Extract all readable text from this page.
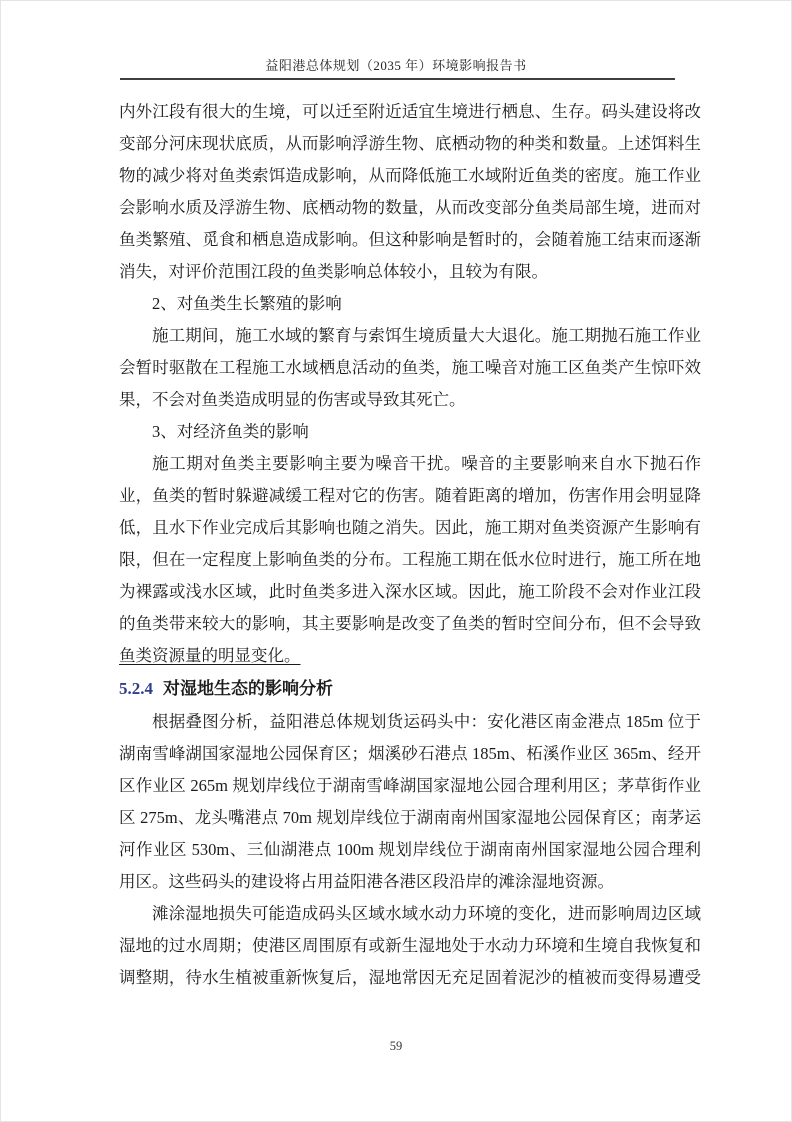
益阳港总体规划（2035 年）环境影响报告书
内外江段有很大的生境，可以迁至附近适宜生境进行栖息、生存。码头建设将改
变部分河床现状底质，从而影响浮游生物、底栖动物的种类和数量。上述饵料生
物的减少将对鱼类索饵造成影响，从而降低施工水域附近鱼类的密度。施工作业
会影响水质及浮游生物、底栖动物的数量，从而改变部分鱼类局部生境，进而对
鱼类繁殖、觅食和栖息造成影响。但这种影响是暂时的，会随着施工结束而逐渐
消失，对评价范围江段的鱼类影响总体较小，且较为有限。
2、对鱼类生长繁殖的影响
施工期间，施工水域的繁育与索饵生境质量大大退化。施工期抛石施工作业
会暂时驱散在工程施工水域栖息活动的鱼类，施工噪音对施工区鱼类产生惊吓效
果，不会对鱼类造成明显的伤害或导致其死亡。
3、对经济鱼类的影响
施工期对鱼类主要影响主要为噪音干扰。噪音的主要影响来自水下抛石作
业，鱼类的暂时躲避减缓工程对它的伤害。随着距离的增加，伤害作用会明显降
低，且水下作业完成后其影响也随之消失。因此，施工期对鱼类资源产生影响有
限，但在一定程度上影响鱼类的分布。工程施工期在低水位时进行，施工所在地
为裸露或浅水区域，此时鱼类多进入深水区域。因此，施工阶段不会对作业江段
的鱼类带来较大的影响，其主要影响是改变了鱼类的暂时空间分布，但不会导致
鱼类资源量的明显变化。
5.2.4 对湿地生态的影响分析
根据叠图分析，益阳港总体规划货运码头中：安化港区南金港点 185m 位于
湖南雪峰湖国家湿地公园保育区；烟溪砂石港点 185m、柘溪作业区 365m、经开
区作业区 265m 规划岸线位于湖南雪峰湖国家湿地公园合理利用区；茅草街作业
区 275m、龙头嘴港点 70m 规划岸线位于湖南南州国家湿地公园保育区；南茅运
河作业区 530m、三仙湖港点 100m 规划岸线位于湖南南州国家湿地公园合理利
用区。这些码头的建设将占用益阳港各港区段沿岸的滩涂湿地资源。
滩涂湿地损失可能造成码头区域水域水动力环境的变化，进而影响周边区域
湿地的过水周期；使港区周围原有或新生湿地处于水动力环境和生境自我恢复和
调整期，待水生植被重新恢复后，湿地常因无充足固着泥沙的植被而变得易遭受
59
